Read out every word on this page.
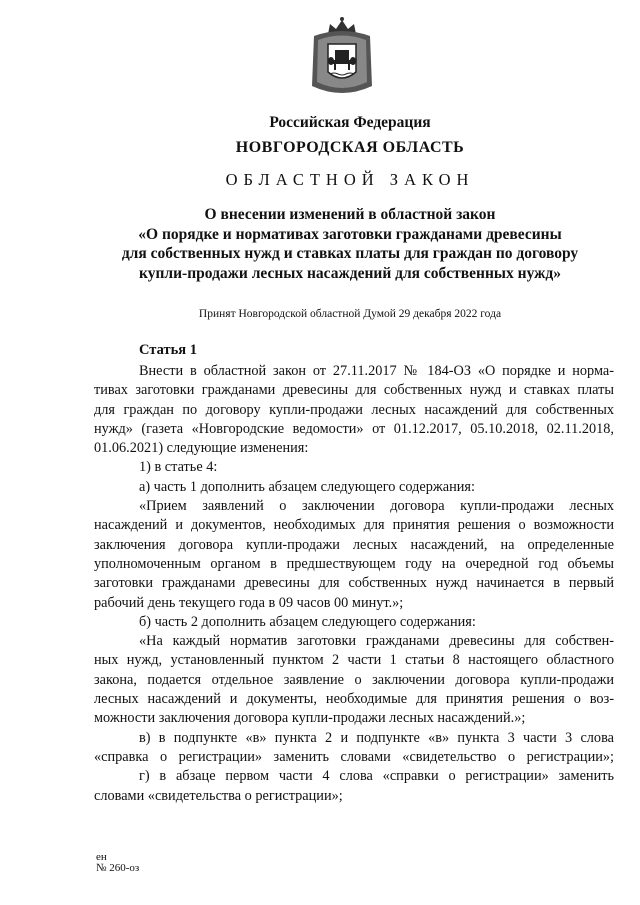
Российская Федерация
НОВГОРОДСКАЯ ОБЛАСТЬ
ОБЛАСТНОЙ ЗАКОН
О внесении изменений в областной закон
«О порядке и нормативах заготовки гражданами древесины
для собственных нужд и ставках платы для граждан по договору
купли-продажи лесных насаждений для собственных нужд»
Принят Новгородской областной Думой 29 декабря 2022 года
Статья 1
Внести в областной закон от 27.11.2017 № 184-ОЗ «О порядке и норма-
тивах заготовки гражданами древесины для собственных нужд и ставках платы
для граждан по договору купли-продажи лесных насаждений для собственных
нужд» (газета «Новгородские ведомости» от 01.12.2017, 05.10.2018, 02.11.2018,
01.06.2021) следующие изменения:
1) в статье 4:
а) часть 1 дополнить абзацем следующего содержания:
«Прием заявлений о заключении договора купли-продажи лесных
насаждений и документов, необходимых для принятия решения о возможности
заключения договора купли-продажи лесных насаждений, на определенные
уполномоченным органом в предшествующем году на очередной год объемы
заготовки гражданами древесины для собственных нужд начинается в первый
рабочий день текущего года в 09 часов 00 минут.»;
б) часть 2 дополнить абзацем следующего содержания:
«На каждый норматив заготовки гражданами древесины для собствен-
ных нужд, установленный пунктом 2 части 1 статьи 8 настоящего областного
закона, подается отдельное заявление о заключении договора купли-продажи
лесных насаждений и документы, необходимые для принятия решения о воз-
можности заключения договора купли-продажи лесных насаждений.»;
в) в подпункте «в» пункта 2 и подпункте «в» пункта 3 части 3 слова
«справка о регистрации» заменить словами «свидетельство о регистрации»;
г) в абзаце первом части 4 слова «справки о регистрации» заменить
словами «свидетельства о регистрации»;
ен
№ 260-оз
